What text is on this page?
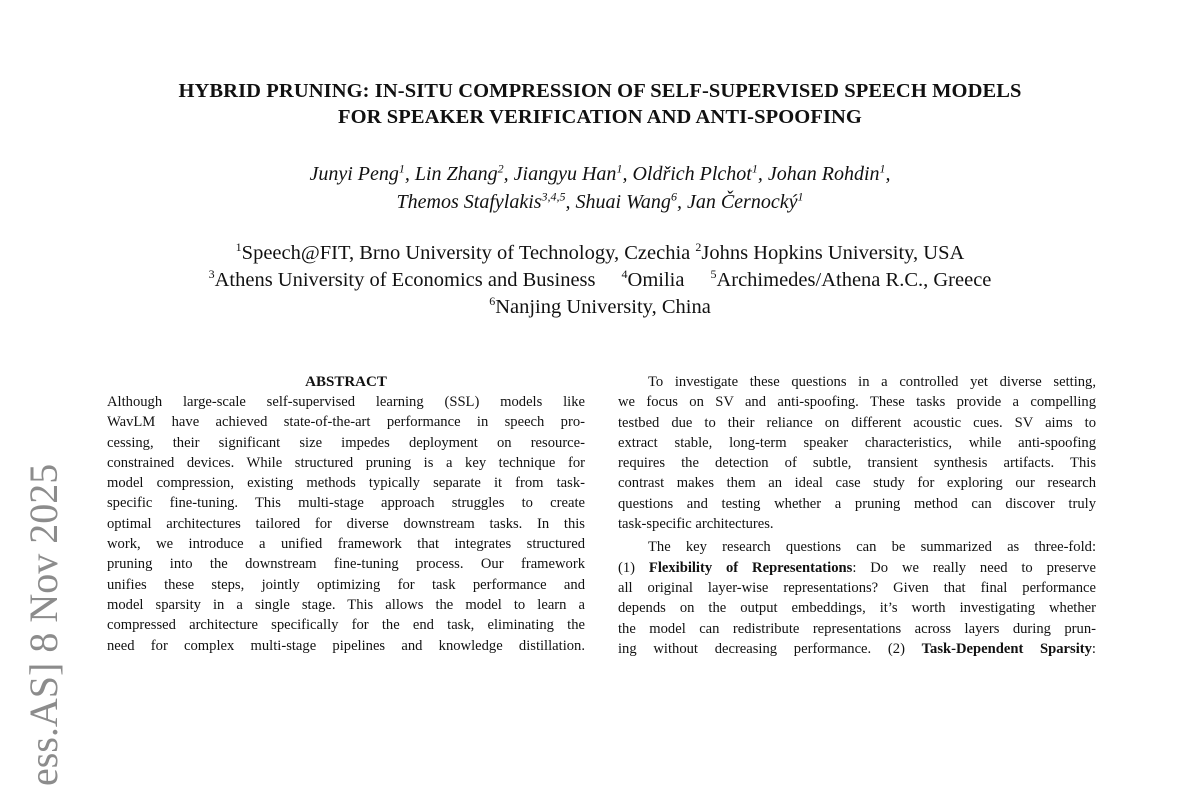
HYBRID PRUNING: IN-SITU COMPRESSION OF SELF-SUPERVISED SPEECH MODELS
FOR SPEAKER VERIFICATION AND ANTI-SPOOFING
Junyi Peng$^1$, Lin Zhang$^2$, Jiangyu Han$^1$, Oldřich Plchot$^1$, Johan Rohdin$^1$,
Themos Stafylakis$^{3,4,5}$, Shuai Wang$^6$, Jan Černocký$^1$
$^1$Speech@FIT, Brno University of Technology, Czechia $^2$Johns Hopkins University, USA
$^3$Athens University of Economics and Business $^4$Omilia $^5$Archimedes/Athena R.C., Greece
$^6$Nanjing University, China
ess.AS] 8 Nov 2025
ABSTRACT
Although large-scale self-supervised learning (SSL) models like
WavLM have achieved state-of-the-art performance in speech pro-
cessing, their significant size impedes deployment on resource-
constrained devices. While structured pruning is a key technique for
model compression, existing methods typically separate it from task-
specific fine-tuning. This multi-stage approach struggles to create
optimal architectures tailored for diverse downstream tasks. In this
work, we introduce a unified framework that integrates structured
pruning into the downstream fine-tuning process. Our framework
unifies these steps, jointly optimizing for task performance and
model sparsity in a single stage. This allows the model to learn a
compressed architecture specifically for the end task, eliminating the
need for complex multi-stage pipelines and knowledge distillation.
To investigate these questions in a controlled yet diverse setting,
we focus on SV and anti-spoofing. These tasks provide a compelling
testbed due to their reliance on different acoustic cues. SV aims to
extract stable, long-term speaker characteristics, while anti-spoofing
requires the detection of subtle, transient synthesis artifacts. This
contrast makes them an ideal case study for exploring our research
questions and testing whether a pruning method can discover truly
task-specific architectures.
The key research questions can be summarized as three-fold:
(1) Flexibility of Representations: Do we really need to preserve
all original layer-wise representations? Given that final performance
depends on the output embeddings, it’s worth investigating whether
the model can redistribute representations across layers during prun-
ing without decreasing performance. (2) Task-Dependent Sparsity:
